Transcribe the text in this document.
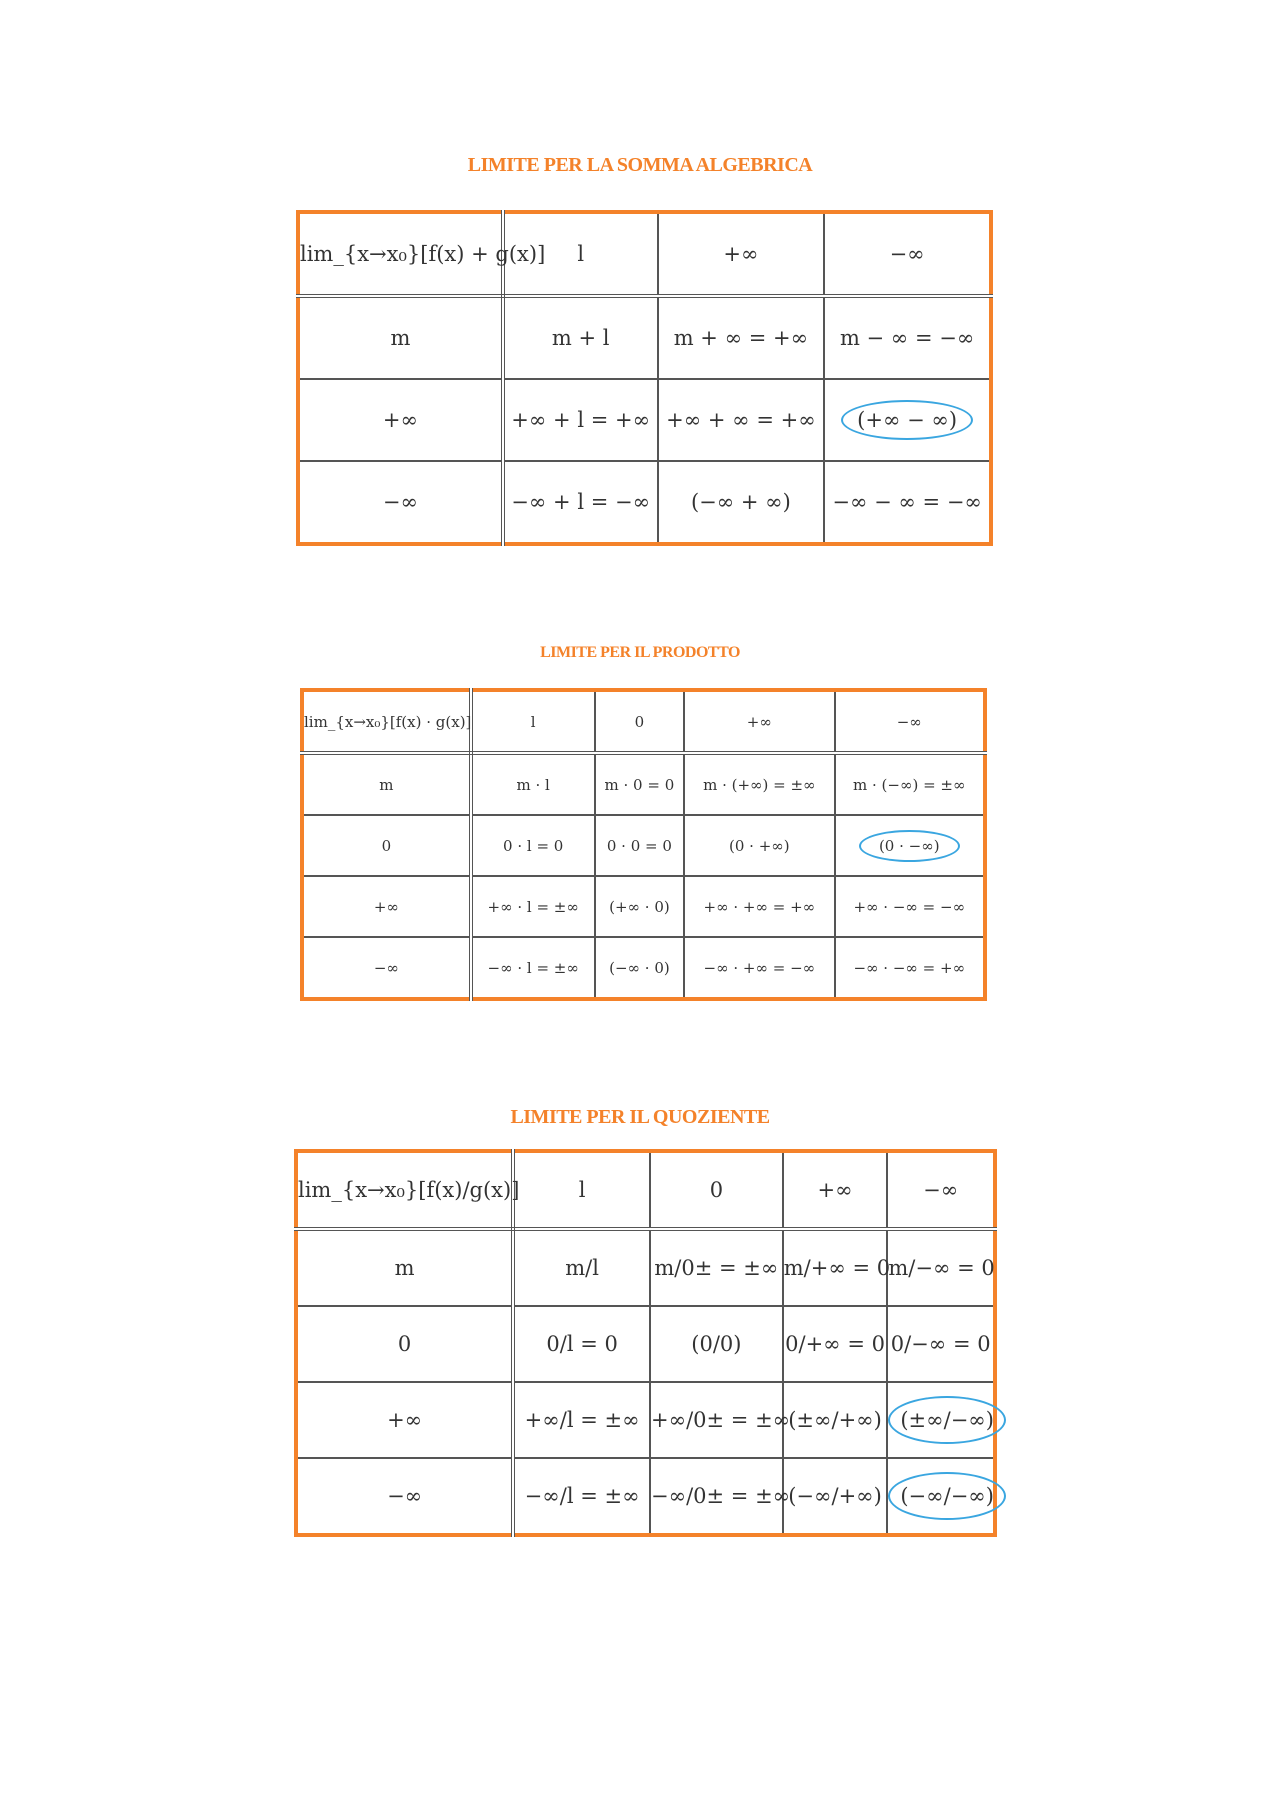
LIMITE PER LA SOMMA ALGEBRICA
lim_{x→x₀}[f(x) + g(x)]	l	+∞	−∞
m	m + l	m + ∞ = +∞	m − ∞ = −∞
+∞	+∞ + l = +∞	+∞ + ∞ = +∞	(+∞ − ∞)
−∞	−∞ + l = −∞	(−∞ + ∞)	−∞ − ∞ = −∞
LIMITE PER IL PRODOTTO
lim_{x→x₀}[f(x) · g(x)]	l	0	+∞	−∞
m	m · l	m · 0 = 0	m · (+∞) = ±∞	m · (−∞) = ±∞
0	0 · l = 0	0 · 0 = 0	(0 · +∞)	(0 · −∞)
+∞	+∞ · l = ±∞	(+∞ · 0)	+∞ · +∞ = +∞	+∞ · −∞ = −∞
−∞	−∞ · l = ±∞	(−∞ · 0)	−∞ · +∞ = −∞	−∞ · −∞ = +∞
LIMITE PER IL QUOZIENTE
lim_{x→x₀}[f(x)/g(x)]	l	0	+∞	−∞
m	m/l	m/0± = ±∞	m/+∞ = 0	m/−∞ = 0
0	0/l = 0	(0/0)	0/+∞ = 0	0/−∞ = 0
+∞	+∞/l = ±∞	+∞/0± = ±∞	(±∞/+∞)	(±∞/−∞)
−∞	−∞/l = ±∞	−∞/0± = ±∞	(−∞/+∞)	(−∞/−∞)
